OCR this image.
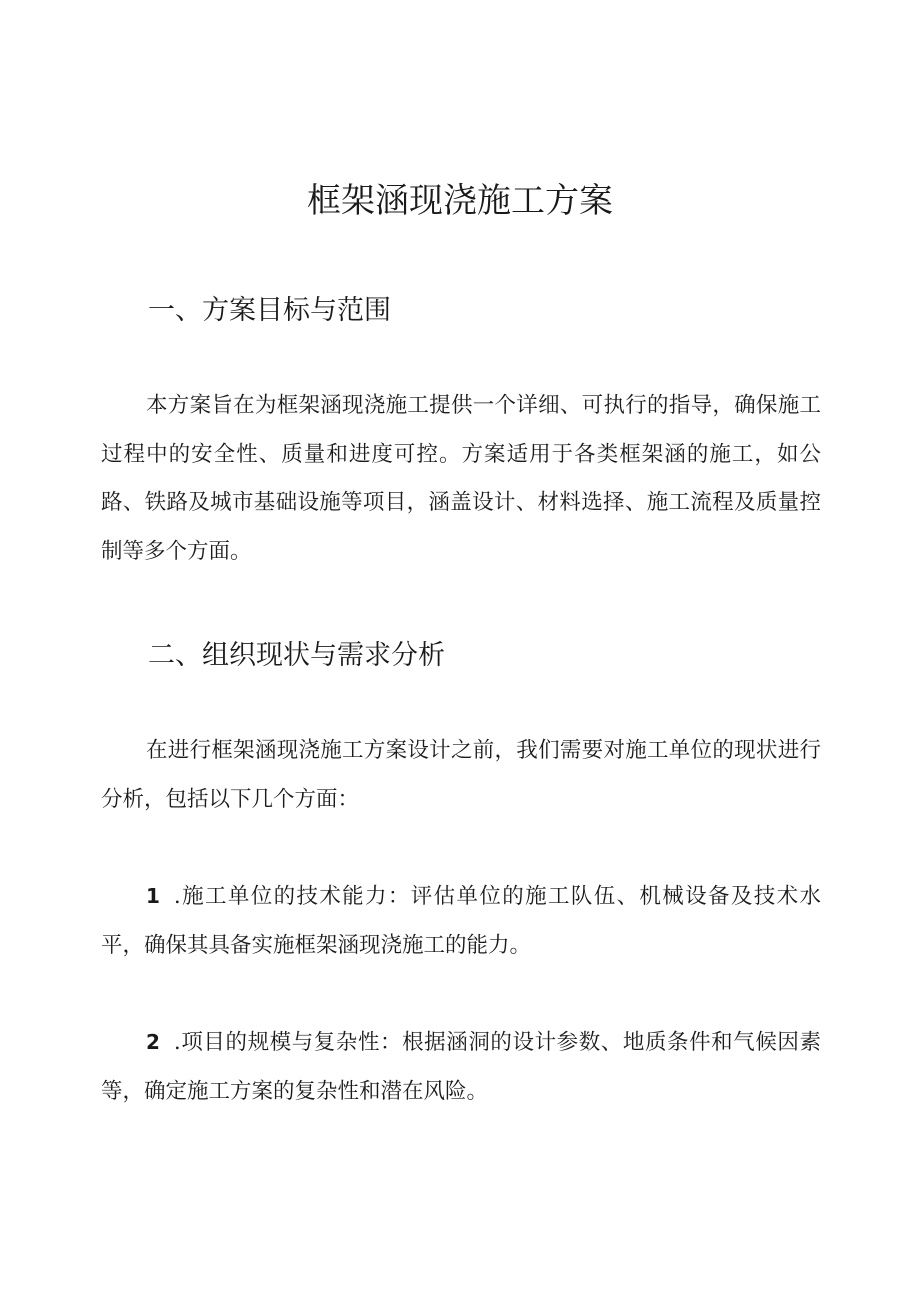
框架涵现浇施工方案
一、方案目标与范围

本方案旨在为框架涵现浇施工提供一个详细、可执行的指导，确保施工过程中的安全性、质量和进度可控。方案适用于各类框架涵的施工，如公路、铁路及城市基础设施等项目，涵盖设计、材料选择、施工流程及质量控制等多个方面。

二、组织现状与需求分析

在进行框架涵现浇施工方案设计之前，我们需要对施工单位的现状进行分析，包括以下几个方面：

1 .施工单位的技术能力：评估单位的施工队伍、机械设备及技术水平，确保其具备实施框架涵现浇施工的能力。

2 .项目的规模与复杂性：根据涵洞的设计参数、地质条件和气候因素等，确定施工方案的复杂性和潜在风险。
